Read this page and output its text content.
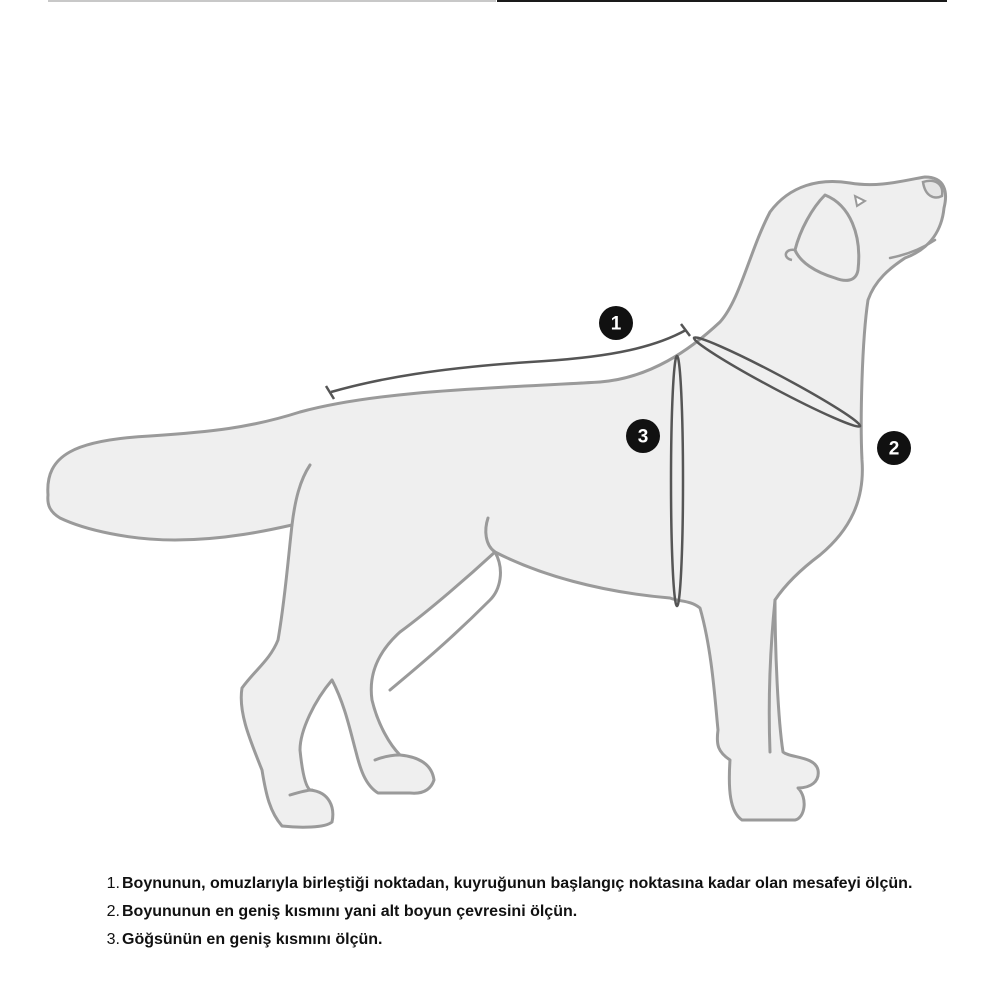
1
2
3
1. Boynunun, omuzlarıyla birleştiği noktadan, kuyruğunun başlangıç noktasına kadar olan mesafeyi ölçün.
2. Boyununun en geniş kısmını yani alt boyun çevresini ölçün.
3. Göğsünün en geniş kısmını ölçün.
